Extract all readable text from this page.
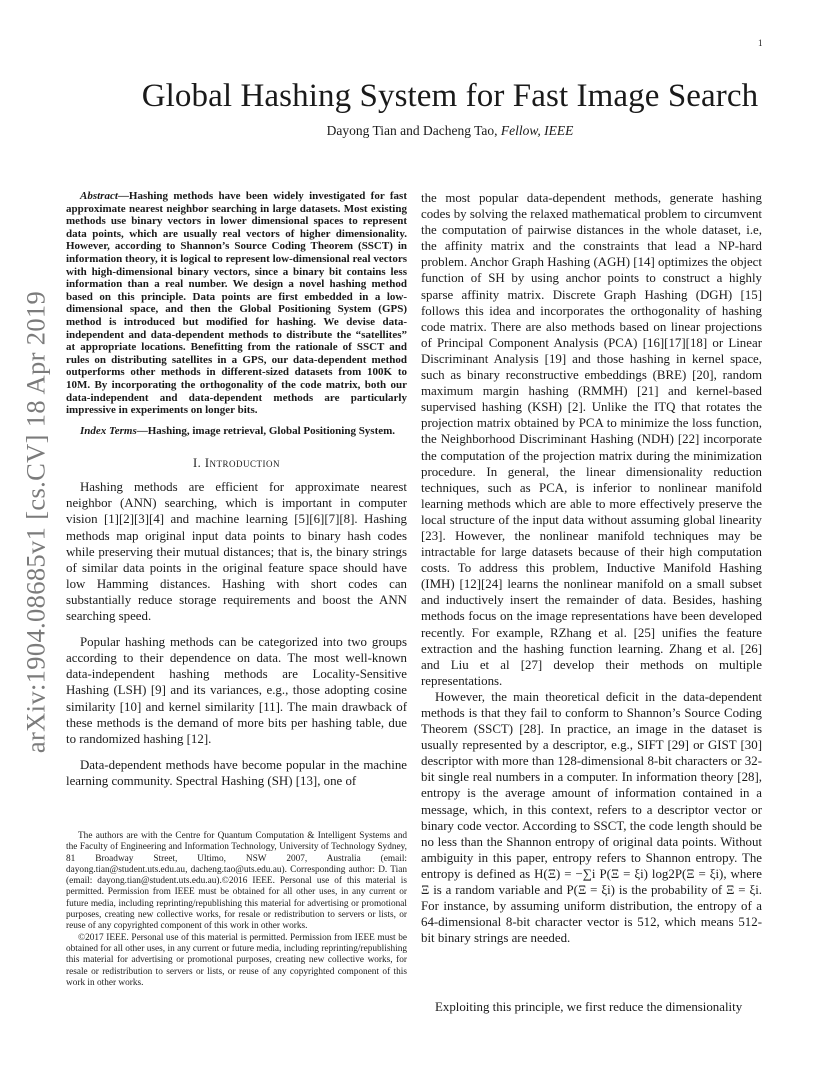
1
arXiv:1904.08685v1 [cs.CV] 18 Apr 2019
Global Hashing System for Fast Image Search
Dayong Tian and Dacheng Tao, Fellow, IEEE

Abstract—Hashing methods have been widely investigated for fast approximate nearest neighbor searching in large datasets. Most existing methods use binary vectors in lower dimensional spaces to represent data points, which are usually real vectors of higher dimensionality. However, according to Shannon’s Source Coding Theorem (SSCT) in information theory, it is logical to represent low-dimensional real vectors with high-dimensional binary vectors, since a binary bit contains less information than a real number. We design a novel hashing method based on this principle. Data points are first embedded in a low-dimensional space, and then the Global Positioning System (GPS) method is introduced but modified for hashing. We devise data-independent and data-dependent methods to distribute the “satellites” at appropriate locations. Benefitting from the rationale of SSCT and rules on distributing satellites in a GPS, our data-dependent method outperforms other methods in different-sized datasets from 100K to 10M. By incorporating the orthogonality of the code matrix, both our data-independent and data-dependent methods are particularly impressive in experiments on longer bits.

Index Terms—Hashing, image retrieval, Global Positioning System.

I. Introduction

Hashing methods are efficient for approximate nearest neighbor (ANN) searching, which is important in computer vision [1][2][3][4] and machine learning [5][6][7][8]. Hashing methods map original input data points to binary hash codes while preserving their mutual distances; that is, the binary strings of similar data points in the original feature space should have low Hamming distances. Hashing with short codes can substantially reduce storage requirements and boost the ANN searching speed.

Popular hashing methods can be categorized into two groups according to their dependence on data. The most well-known data-independent hashing methods are Locality-Sensitive Hashing (LSH) [9] and its variances, e.g., those adopting cosine similarity [10] and kernel similarity [11]. The main drawback of these methods is the demand of more bits per hashing table, due to randomized hashing [12].

Data-dependent methods have become popular in the machine learning community. Spectral Hashing (SH) [13], one of

The authors are with the Centre for Quantum Computation & Intelligent Systems and the Faculty of Engineering and Information Technology, University of Technology Sydney, 81 Broadway Street, Ultimo, NSW 2007, Australia (email: dayong.tian@student.uts.edu.au, dacheng.tao@uts.edu.au). Corresponding author: D. Tian (email: dayong.tian@student.uts.edu.au).©2016 IEEE. Personal use of this material is permitted. Permission from IEEE must be obtained for all other uses, in any current or future media, including reprinting/republishing this material for advertising or promotional purposes, creating new collective works, for resale or redistribution to servers or lists, or reuse of any copyrighted component of this work in other works.

©2017 IEEE. Personal use of this material is permitted. Permission from IEEE must be obtained for all other uses, in any current or future media, including reprinting/republishing this material for advertising or promotional purposes, creating new collective works, for resale or redistribution to servers or lists, or reuse of any copyrighted component of this work in other works.

the most popular data-dependent methods, generate hashing codes by solving the relaxed mathematical problem to circumvent the computation of pairwise distances in the whole dataset, i.e, the affinity matrix and the constraints that lead a NP-hard problem. Anchor Graph Hashing (AGH) [14] optimizes the object function of SH by using anchor points to construct a highly sparse affinity matrix. Discrete Graph Hashing (DGH) [15] follows this idea and incorporates the orthogonality of hashing code matrix. There are also methods based on linear projections of Principal Component Analysis (PCA) [16][17][18] or Linear Discriminant Analysis [19] and those hashing in kernel space, such as binary reconstructive embeddings (BRE) [20], random maximum margin hashing (RMMH) [21] and kernel-based supervised hashing (KSH) [2]. Unlike the ITQ that rotates the projection matrix obtained by PCA to minimize the loss function, the Neighborhood Discriminant Hashing (NDH) [22] incorporate the computation of the projection matrix during the minimization procedure. In general, the linear dimensionality reduction techniques, such as PCA, is inferior to nonlinear manifold learning methods which are able to more effectively preserve the local structure of the input data without assuming global linearity [23]. However, the nonlinear manifold techniques may be intractable for large datasets because of their high computation costs. To address this problem, Inductive Manifold Hashing (IMH) [12][24] learns the nonlinear manifold on a small subset and inductively insert the remainder of data. Besides, hashing methods focus on the image representations have been developed recently. For example, RZhang et al. [25] unifies the feature extraction and the hashing function learning. Zhang et al. [26] and Liu et al [27] develop their methods on multiple representations.

However, the main theoretical deficit in the data-dependent methods is that they fail to conform to Shannon’s Source Coding Theorem (SSCT) [28]. In practice, an image in the dataset is usually represented by a descriptor, e.g., SIFT [29] or GIST [30] descriptor with more than 128-dimensional 8-bit characters or 32-bit single real numbers in a computer. In information theory [28], entropy is the average amount of information contained in a message, which, in this context, refers to a descriptor vector or binary code vector. According to SSCT, the code length should be no less than the Shannon entropy of original data points. Without ambiguity in this paper, entropy refers to Shannon entropy. The entropy is defined as H(Ξ) = −∑i P(Ξ = ξi) log2P(Ξ = ξi), where Ξ is a random variable and P(Ξ = ξi) is the probability of Ξ = ξi. For instance, by assuming uniform distribution, the entropy of a 64-dimensional 8-bit character vector is 512, which means 512-bit binary strings are needed.

Exploiting this principle, we first reduce the dimensionality
